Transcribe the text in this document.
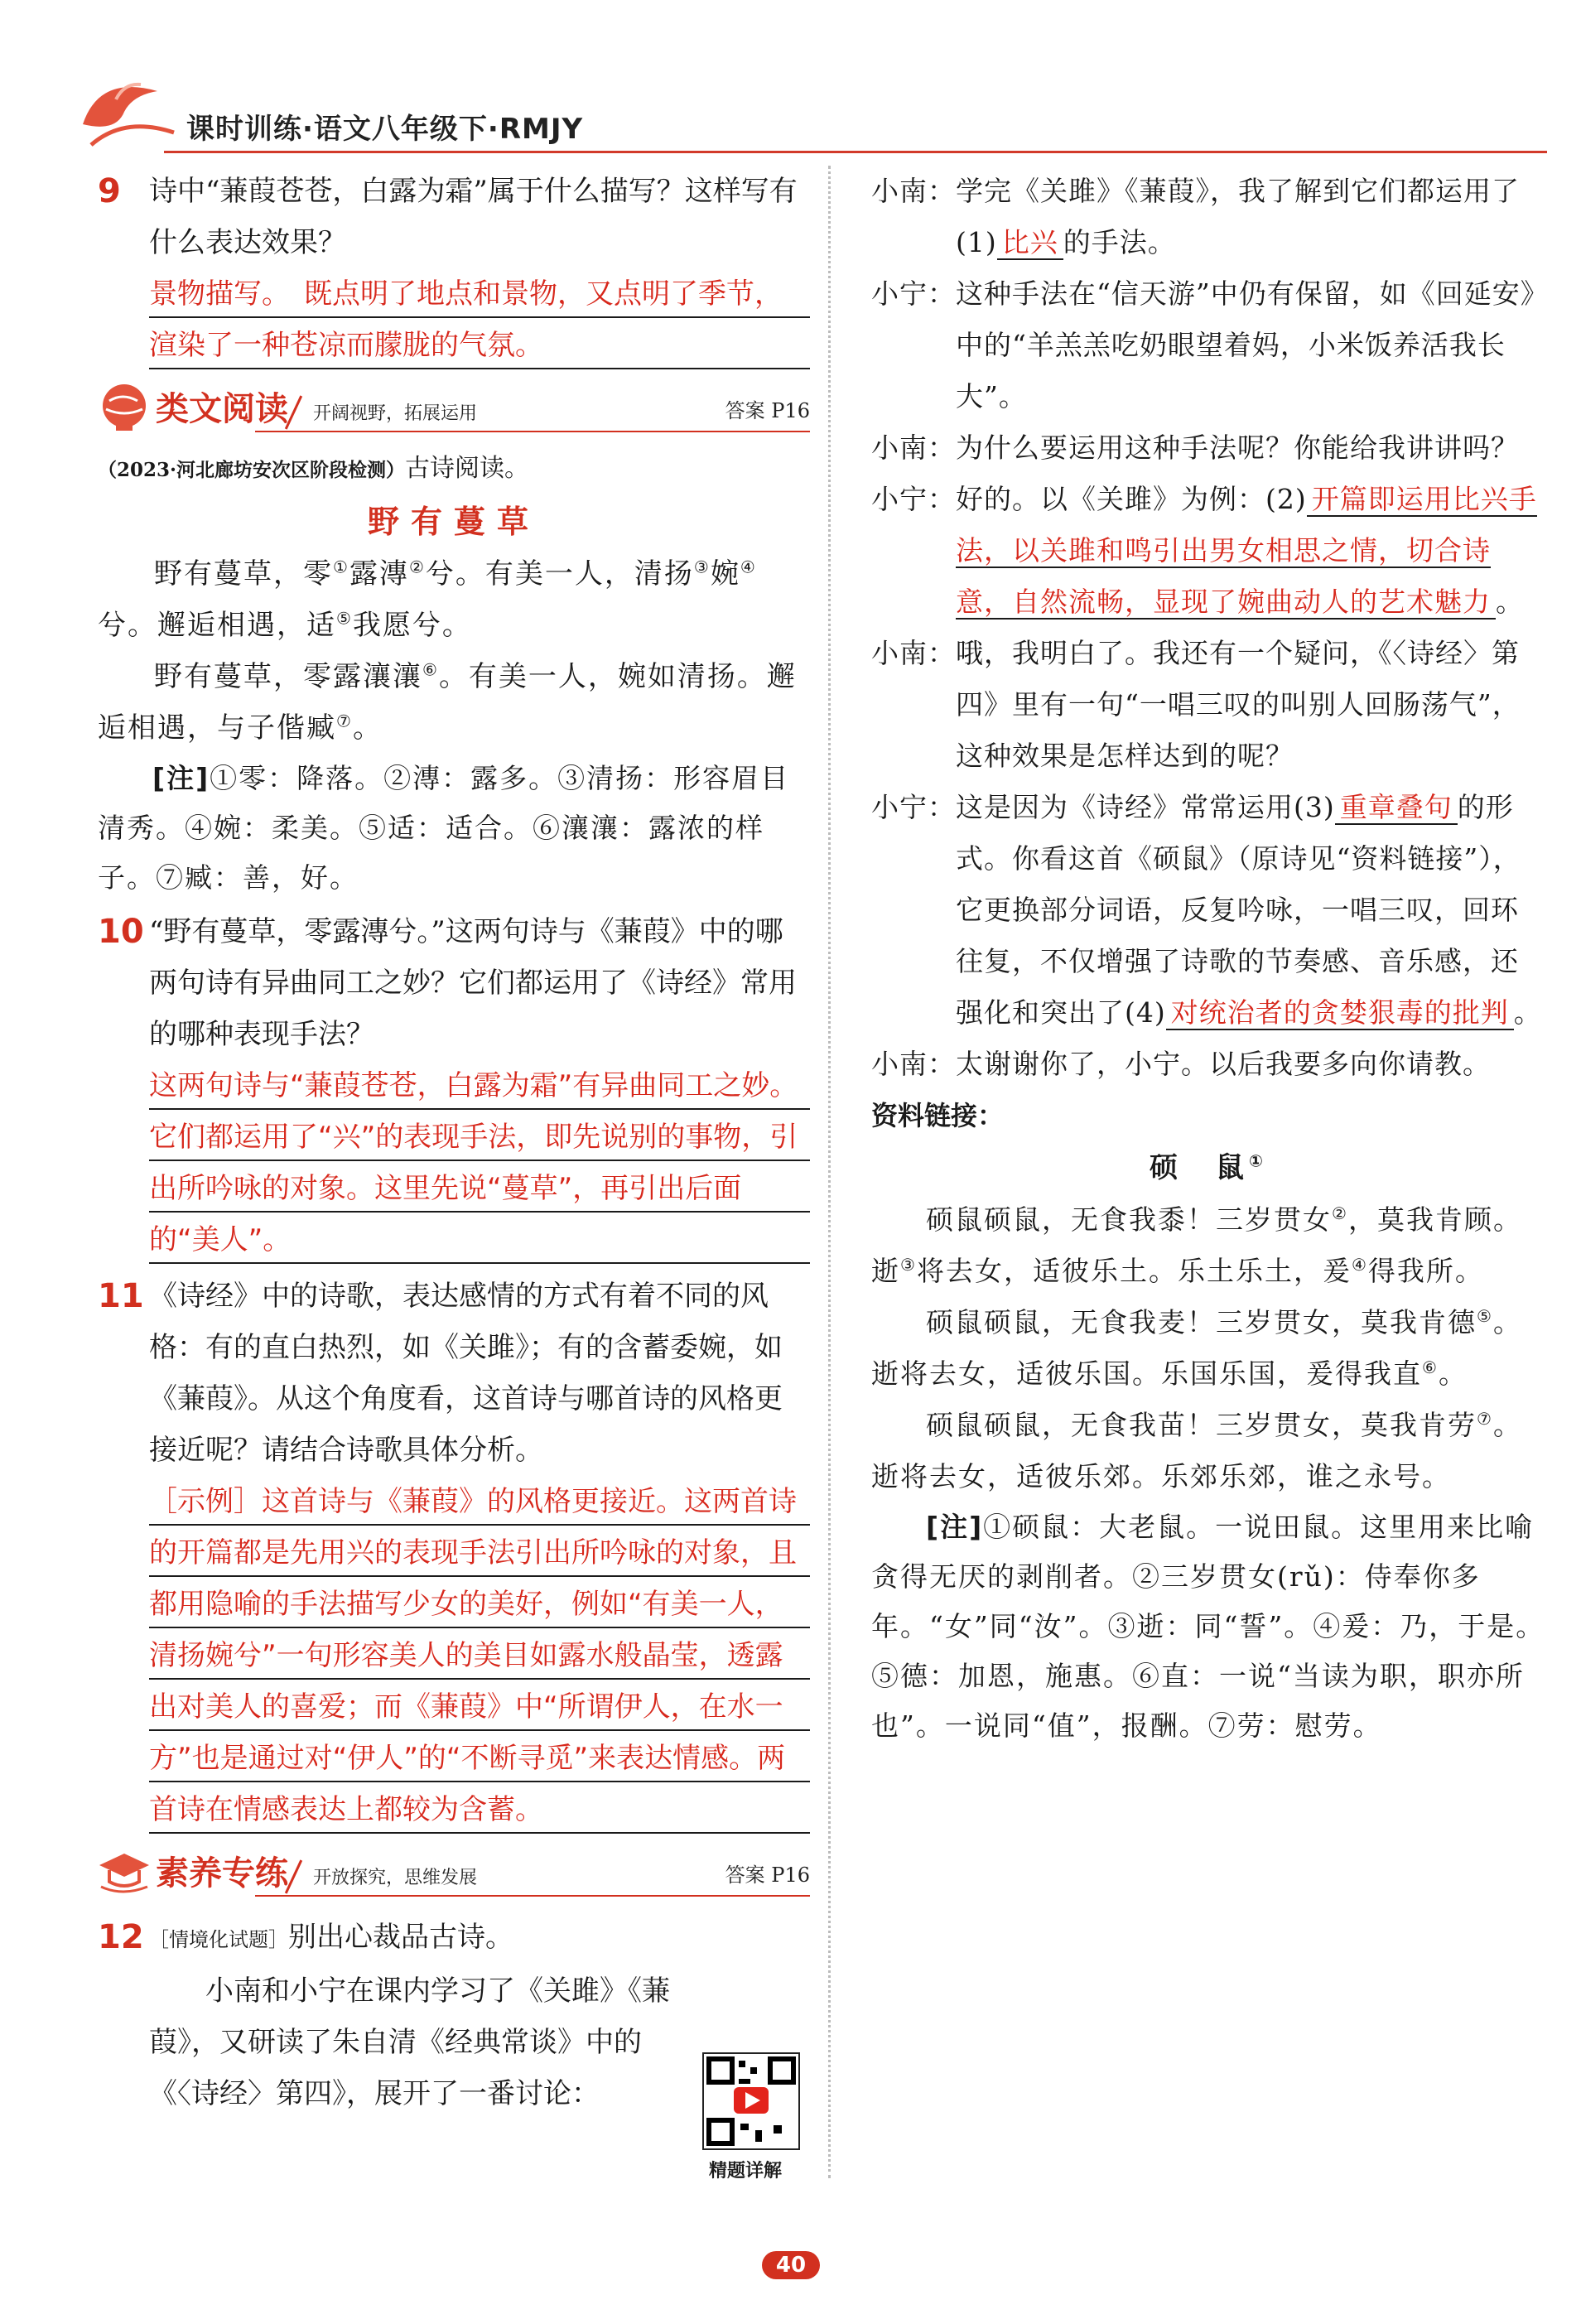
课时训练·语文八年级下·RMJY
9 诗中“蒹葭苍苍，白露为霜”属于什么描写？这样写有什么表达效果？
景物描写。　既点明了地点和景物，又点明了季节，渲染了一种苍凉而朦胧的气氛。
类文阅读 开阔视野，拓展运用	答案 P16
（2023·河北廊坊安次区阶段检测）古诗阅读。
野有蔓草
野有蔓草，零①露漙②兮。有美一人，清扬③婉④兮。邂逅相遇，适⑤我愿兮。
野有蔓草，零露瀼瀼⑥。有美一人，婉如清扬。邂逅相遇，与子偕臧⑦。
[注]①零：降落。②漙：露多。③清扬：形容眉目清秀。④婉：柔美。⑤适：适合。⑥瀼瀼：露浓的样子。⑦臧：善，好。
10 “野有蔓草，零露漙兮。”这两句诗与《蒹葭》中的哪两句诗有异曲同工之妙？它们都运用了《诗经》常用的哪种表现手法？
这两句诗与“蒹葭苍苍，白露为霜”有异曲同工之妙。它们都运用了“兴”的表现手法，即先说别的事物，引出所吟咏的对象。这里先说“蔓草”，再引出后面的“美人”。
11 《诗经》中的诗歌，表达感情的方式有着不同的风格：有的直白热烈，如《关雎》；有的含蓄委婉，如《蒹葭》。从这个角度看，这首诗与哪首诗的风格更接近呢？请结合诗歌具体分析。
［示例］这首诗与《蒹葭》的风格更接近。这两首诗的开篇都是先用兴的表现手法引出所吟咏的对象，且都用隐喻的手法描写少女的美好，例如“有美一人，清扬婉兮”一句形容美人的美目如露水般晶莹，透露出对美人的喜爱；而《蒹葭》中“所谓伊人，在水一方”也是通过对“伊人”的“不断寻觅”来表达情感。两首诗在情感表达上都较为含蓄。
素养专练 开放探究，思维发展	答案 P16
12 ［情境化试题］别出心裁品古诗。
小南和小宁在课内学习了《关雎》《蒹葭》，又研读了朱自清《经典常谈》中的《〈诗经〉第四》，展开了一番讨论：
精题详解
小南： 学完《关雎》《蒹葭》，我了解到它们都运用了(1) 比兴 的手法。
小宁： 这种手法在“信天游”中仍有保留，如《回延安》中的“羊羔羔吃奶眼望着妈，小米饭养活我长大”。
小南： 为什么要运用这种手法呢？你能给我讲讲吗？
小宁： 好的。以《关雎》为例：(2) 开篇即运用比兴手法，以关雎和鸣引出男女相思之情，切合诗意，自然流畅，显现了婉曲动人的艺术魅力 。
小南： 哦，我明白了。我还有一个疑问，《〈诗经〉第四》里有一句“一唱三叹的叫别人回肠荡气”，这种效果是怎样达到的呢？
小宁： 这是因为《诗经》常常运用(3) 重章叠句 的形式。你看这首《硕鼠》（原诗见“资料链接”），它更换部分词语，反复吟咏，一唱三叹，回环往复，不仅增强了诗歌的节奏感、音乐感，还强化和突出了(4) 对统治者的贪婪狠毒的批判 。
小南： 太谢谢你了，小宁。以后我要多向你请教。
资料链接：
硕　鼠①
硕鼠硕鼠，无食我黍！三岁贯女②，莫我肯顾。逝③将去女，适彼乐土。乐土乐土，爰④得我所。
硕鼠硕鼠，无食我麦！三岁贯女，莫我肯德⑤。逝将去女，适彼乐国。乐国乐国，爰得我直⑥。
硕鼠硕鼠，无食我苗！三岁贯女，莫我肯劳⑦。逝将去女，适彼乐郊。乐郊乐郊，谁之永号。
[注]①硕鼠：大老鼠。一说田鼠。这里用来比喻贪得无厌的剥削者。②三岁贯女(rǔ)：侍奉你多年。“女”同“汝”。③逝：同“誓”。④爰：乃，于是。⑤德：加恩，施惠。⑥直：一说“当读为职，职亦所也”。一说同“值”，报酬。⑦劳：慰劳。
40
